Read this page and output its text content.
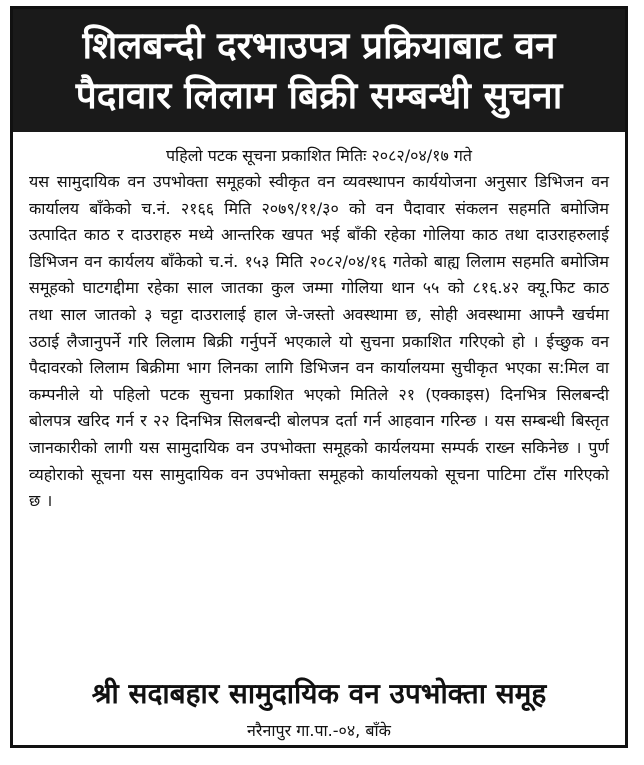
शिलबन्दी दरभाउपत्र प्रक्रियाबाट वन
पैदावार लिलाम बिक्री सम्बन्धी सुचना
पहिलो पटक सूचना प्रकाशित मितिः २०८२/०४/१७ गते

यस सामुदायिक वन उपभोक्ता समूहको स्वीकृत वन व्यवस्थापन कार्ययोजना अनुसार डिभिजन वन कार्यालय बाँकेको च.नं. २१६६ मिति २०७९/११/३० को वन पैदावार संकलन सहमति बमोजिम उत्पादित काठ र दाउराहरु मध्ये आन्तरिक खपत भई बाँकी रहेका गोलिया काठ तथा दाउराहरुलाई डिभिजन वन कार्यलय बाँकेको च.नं. १५३ मिति २०८२/०४/१६ गतेको बाह्य लिलाम सहमति बमोजिम समूहको घाटगद्दीमा रहेका साल जातका कुल जम्मा गोलिया थान ५५ को ८१६.४२ क्यू.फिट काठ तथा साल जातको ३ चट्टा दाउरालाई हाल जे-जस्तो अवस्थामा छ, सोही अवस्थामा आफ्नै खर्चमा उठाई लैजानुपर्ने गरि लिलाम बिक्री गर्नुपर्ने भएकाले यो सुचना प्रकाशित गरिएको हो । ईच्छुक वन पैदावरको लिलाम बिक्रीमा भाग लिनका लागि डिभिजन वन कार्यालयमा सुचीकृत भएका स:मिल वा कम्पनीले यो पहिलो पटक सुचना प्रकाशित भएको मितिले २१ (एक्काइस) दिनभित्र सिलबन्दी बोलपत्र खरिद गर्न र २२ दिनभित्र सिलबन्दी बोलपत्र दर्ता गर्न आहवान गरिन्छ । यस सम्बन्धी बिस्तृत जानकारीको लागी यस सामुदायिक वन उपभोक्ता समूहको कार्यलयमा सम्पर्क राख्न सकिनेछ । पुर्ण व्यहोराको सूचना यस सामुदायिक वन उपभोक्ता समूहको कार्यालयको सूचना पाटिमा टाँस गरिएको छ ।

श्री सदाबहार सामुदायिक वन उपभोक्ता समूह
नरैनापुर गा.पा.-०४, बाँके
